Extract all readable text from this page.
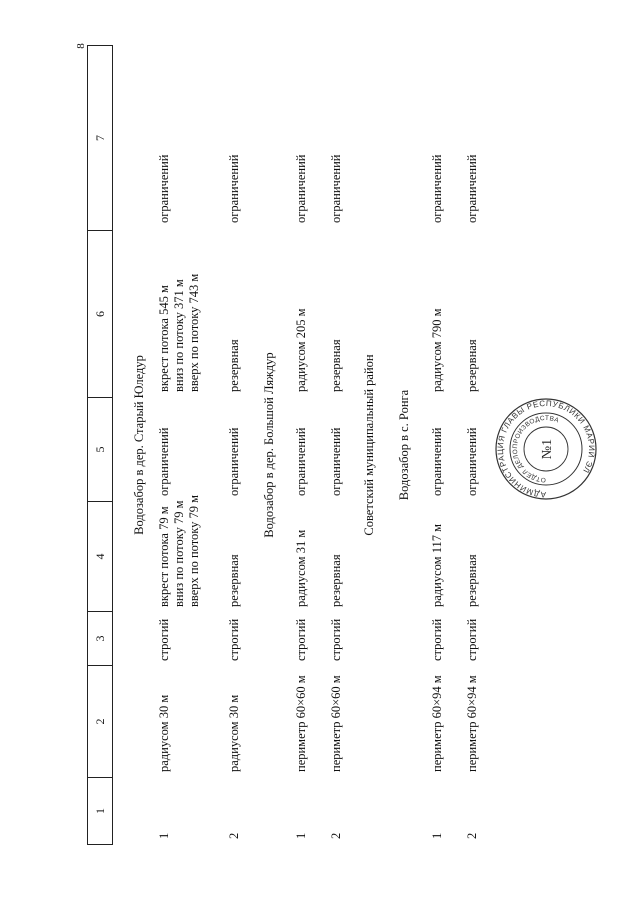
8
1
2
3
4
5
6
7
Водозабор в дер. Старый Юледур
1
радиусом 30 м
строгий
вкрест потока 79 м вниз по потоку 79 м вверх по потоку 79 м
ограничений
вкрест потока 545 м вниз по потоку 371 м вверх по потоку 743 м
ограничений
2
радиусом 30 м
строгий
резервная
ограничений
резервная
ограничений
Водозабор в дер. Большой Ляждур
1
периметр 60×60 м
строгий
радиусом 31 м
ограничений
радиусом 205 м
ограничений
2
периметр 60×60 м
строгий
резервная
ограничений
резервная
ограничений
Советский муниципальный район Водозабор в с. Ронга
1
периметр 60×94 м
строгий
радиусом 117 м
ограничений
радиусом 790 м
ограничений
2
периметр 60×94 м
строгий
резервная
ограничений
резервная
ограничений
АДМИНИСТРАЦИЯ ГЛАВЫ РЕСПУБЛИКИ МАРИЙ ЭЛ
ОТДЕЛ ДЕЛОПРОИЗВОДСТВА
№1
